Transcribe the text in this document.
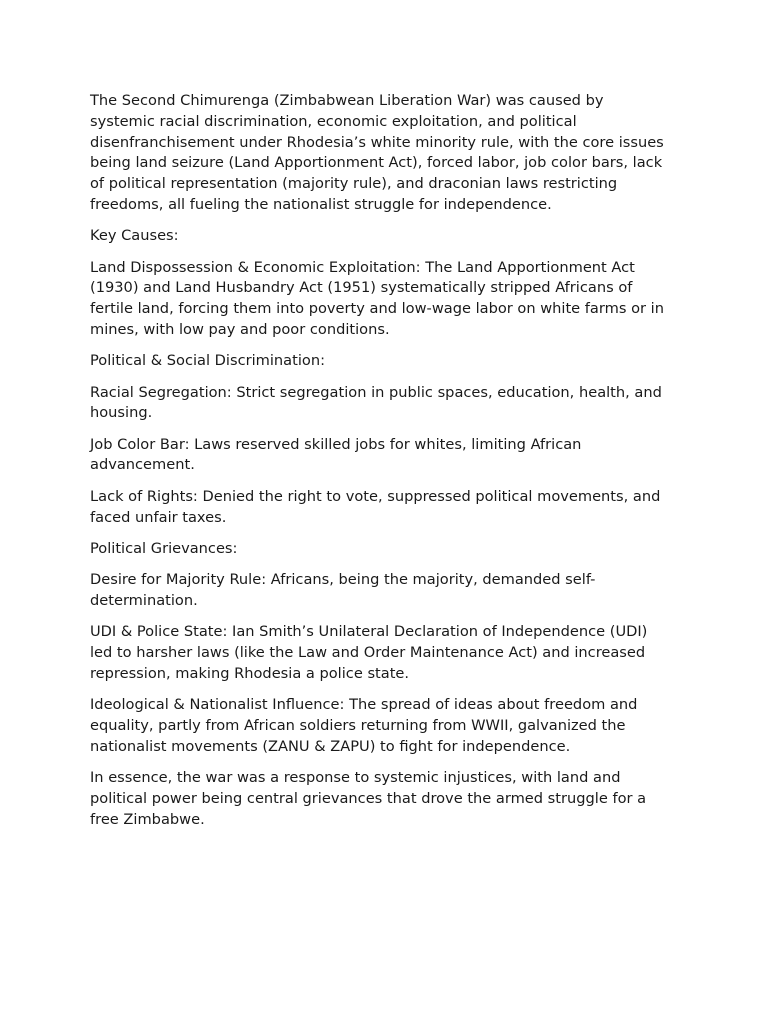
The Second Chimurenga (Zimbabwean Liberation War) was caused by systemic racial discrimination, economic exploitation, and political disenfranchisement under Rhodesia’s white minority rule, with the core issues being land seizure (Land Apportionment Act), forced labor, job color bars, lack of political representation (majority rule), and draconian laws restricting freedoms, all fueling the nationalist struggle for independence.

Key Causes:

Land Dispossession & Economic Exploitation: The Land Apportionment Act (1930) and Land Husbandry Act (1951) systematically stripped Africans of fertile land, forcing them into poverty and low-wage labor on white farms or in mines, with low pay and poor conditions.

Political & Social Discrimination:

Racial Segregation: Strict segregation in public spaces, education, health, and housing.

Job Color Bar: Laws reserved skilled jobs for whites, limiting African advancement.

Lack of Rights: Denied the right to vote, suppressed political movements, and faced unfair taxes.

Political Grievances:

Desire for Majority Rule: Africans, being the majority, demanded self-determination.

UDI & Police State: Ian Smith’s Unilateral Declaration of Independence (UDI) led to harsher laws (like the Law and Order Maintenance Act) and increased repression, making Rhodesia a police state.

Ideological & Nationalist Influence: The spread of ideas about freedom and equality, partly from African soldiers returning from WWII, galvanized the nationalist movements (ZANU & ZAPU) to fight for independence.

In essence, the war was a response to systemic injustices, with land and political power being central grievances that drove the armed struggle for a free Zimbabwe.
